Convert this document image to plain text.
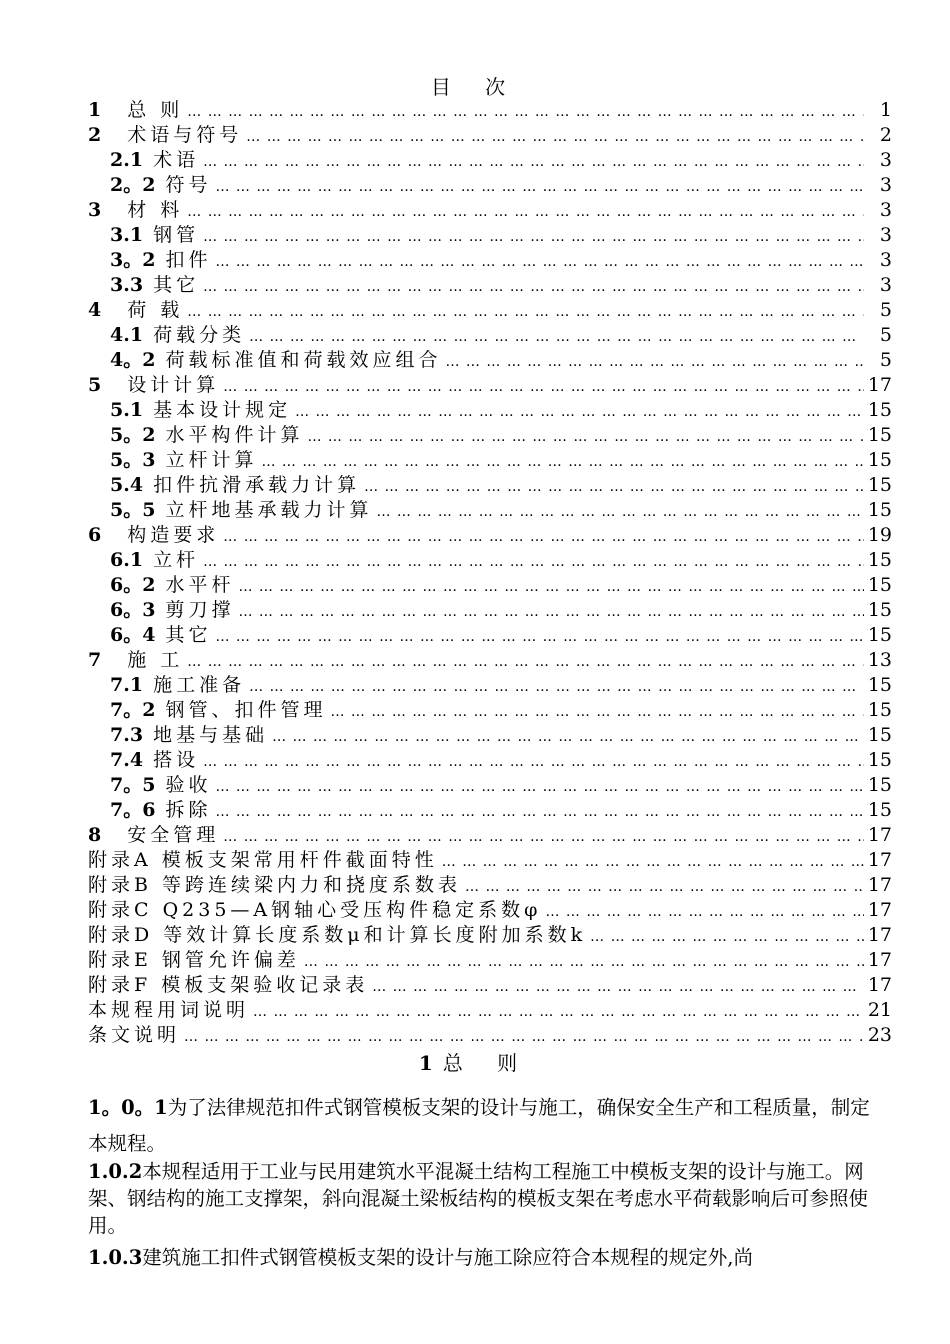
目 次
1 总 则 … … … … … … … … … … … … … … … … … … … … … … … … … … … … … … … … … … … … … … … … … … … … … … … … … … … … … … … … … …	1
2 术语与符号 … … … … … … … … … … … … … … … … … … … … … … … … … … … … … … … … … … … … … … … … … … … … … … … … … … … … … … … … … …	2
2.1 术语 … … … … … … … … … … … … … … … … … … … … … … … … … … … … … … … … … … … … … … … … … … … … … … … … … … … … … … … … … …	3
2。2 符号 … … … … … … … … … … … … … … … … … … … … … … … … … … … … … … … … … … … … … … … … … … … … … … … … … … … … … … … … … …	3
3 材 料 … … … … … … … … … … … … … … … … … … … … … … … … … … … … … … … … … … … … … … … … … … … … … … … … … … … … … … … … … …	3
3.1 钢管 … … … … … … … … … … … … … … … … … … … … … … … … … … … … … … … … … … … … … … … … … … … … … … … … … … … … … … … … … …	3
3。2 扣件 … … … … … … … … … … … … … … … … … … … … … … … … … … … … … … … … … … … … … … … … … … … … … … … … … … … … … … … … … …	3
3.3 其它 … … … … … … … … … … … … … … … … … … … … … … … … … … … … … … … … … … … … … … … … … … … … … … … … … … … … … … … … … …	3
4 荷 载 … … … … … … … … … … … … … … … … … … … … … … … … … … … … … … … … … … … … … … … … … … … … … … … … … … … … … … … … … …	5
4.1 荷载分类 … … … … … … … … … … … … … … … … … … … … … … … … … … … … … … … … … … … … … … … … … … … … … … … … … … … … … … … … … …	5
4。2 荷载标准值和荷载效应组合 … … … … … … … … … … … … … … … … … … … … … … … … … … … … … … … … … … … … … … … … … … … … … … … … … … … … … … … … … …	5
5 设计计算 … … … … … … … … … … … … … … … … … … … … … … … … … … … … … … … … … … … … … … … … … … … … … … … … … … … … … … … … … …	17
5.1 基本设计规定 … … … … … … … … … … … … … … … … … … … … … … … … … … … … … … … … … … … … … … … … … … … … … … … … … … … … … … … … … …	15
5。2 水平构件计算 … … … … … … … … … … … … … … … … … … … … … … … … … … … … … … … … … … … … … … … … … … … … … … … … … … … … … … … … … …	15
5。3 立杆计算 … … … … … … … … … … … … … … … … … … … … … … … … … … … … … … … … … … … … … … … … … … … … … … … … … … … … … … … … … …	15
5.4 扣件抗滑承载力计算 … … … … … … … … … … … … … … … … … … … … … … … … … … … … … … … … … … … … … … … … … … … … … … … … … … … … … … … … … …	15
5。5 立杆地基承载力计算 … … … … … … … … … … … … … … … … … … … … … … … … … … … … … … … … … … … … … … … … … … … … … … … … … … … … … … … … … …	15
6 构造要求 … … … … … … … … … … … … … … … … … … … … … … … … … … … … … … … … … … … … … … … … … … … … … … … … … … … … … … … … … …	19
6.1 立杆 … … … … … … … … … … … … … … … … … … … … … … … … … … … … … … … … … … … … … … … … … … … … … … … … … … … … … … … … … …	15
6。2 水平杆 … … … … … … … … … … … … … … … … … … … … … … … … … … … … … … … … … … … … … … … … … … … … … … … … … … … … … … … … … …	15
6。3 剪刀撑 … … … … … … … … … … … … … … … … … … … … … … … … … … … … … … … … … … … … … … … … … … … … … … … … … … … … … … … … … …	15
6。4 其它 … … … … … … … … … … … … … … … … … … … … … … … … … … … … … … … … … … … … … … … … … … … … … … … … … … … … … … … … … …	15
7 施 工 … … … … … … … … … … … … … … … … … … … … … … … … … … … … … … … … … … … … … … … … … … … … … … … … … … … … … … … … … …	13
7.1 施工准备 … … … … … … … … … … … … … … … … … … … … … … … … … … … … … … … … … … … … … … … … … … … … … … … … … … … … … … … … … …	15
7。2 钢管、扣件管理 … … … … … … … … … … … … … … … … … … … … … … … … … … … … … … … … … … … … … … … … … … … … … … … … … … … … … … … … … …	15
7.3 地基与基础 … … … … … … … … … … … … … … … … … … … … … … … … … … … … … … … … … … … … … … … … … … … … … … … … … … … … … … … … … …	15
7.4 搭设 … … … … … … … … … … … … … … … … … … … … … … … … … … … … … … … … … … … … … … … … … … … … … … … … … … … … … … … … … …	15
7。5 验收 … … … … … … … … … … … … … … … … … … … … … … … … … … … … … … … … … … … … … … … … … … … … … … … … … … … … … … … … … …	15
7。6 拆除 … … … … … … … … … … … … … … … … … … … … … … … … … … … … … … … … … … … … … … … … … … … … … … … … … … … … … … … … … …	15
8 安全管理 … … … … … … … … … … … … … … … … … … … … … … … … … … … … … … … … … … … … … … … … … … … … … … … … … … … … … … … … … …	17
附录A 模板支架常用杆件截面特性 … … … … … … … … … … … … … … … … … … … … … … … … … … … … … … … … … … … … … … … … … … … … … … … … … … … … … … … … … …	17
附录B 等跨连续梁内力和挠度系数表 … … … … … … … … … … … … … … … … … … … … … … … … … … … … … … … … … … … … … … … … … … … … … … … … … … … … … … … … … …	17
附录C Q235—A钢轴心受压构件稳定系数φ … … … … … … … … … … … … … … … … … … … … … … … … … … … … … … … … … … … … … … … … … … … … … … … … … … … … … … … … … …	17
附录D 等效计算长度系数μ和计算长度附加系数k … … … … … … … … … … … … … … … … … … … … … … … … … … … … … … … … … … … … … … … … … … … … … … … … … … … … … … … … … …	17
附录E 钢管允许偏差 … … … … … … … … … … … … … … … … … … … … … … … … … … … … … … … … … … … … … … … … … … … … … … … … … … … … … … … … … …	17
附录F 模板支架验收记录表 … … … … … … … … … … … … … … … … … … … … … … … … … … … … … … … … … … … … … … … … … … … … … … … … … … … … … … … … … …	17
本规程用词说明 … … … … … … … … … … … … … … … … … … … … … … … … … … … … … … … … … … … … … … … … … … … … … … … … … … … … … … … … … …	21
条文说明 … … … … … … … … … … … … … … … … … … … … … … … … … … … … … … … … … … … … … … … … … … … … … … … … … … … … … … … … … …	23
1 总 则

1。0。1为了法律规范扣件式钢管模板支架的设计与施工，确保安全生产和工程质量，制定本规程。

1.0.2本规程适用于工业与民用建筑水平混凝土结构工程施工中模板支架的设计与施工。网架、钢结构的施工支撑架，斜向混凝土梁板结构的模板支架在考虑水平荷载影响后可参照使用。

1.0.3建筑施工扣件式钢管模板支架的设计与施工除应符合本规程的规定外,尚
